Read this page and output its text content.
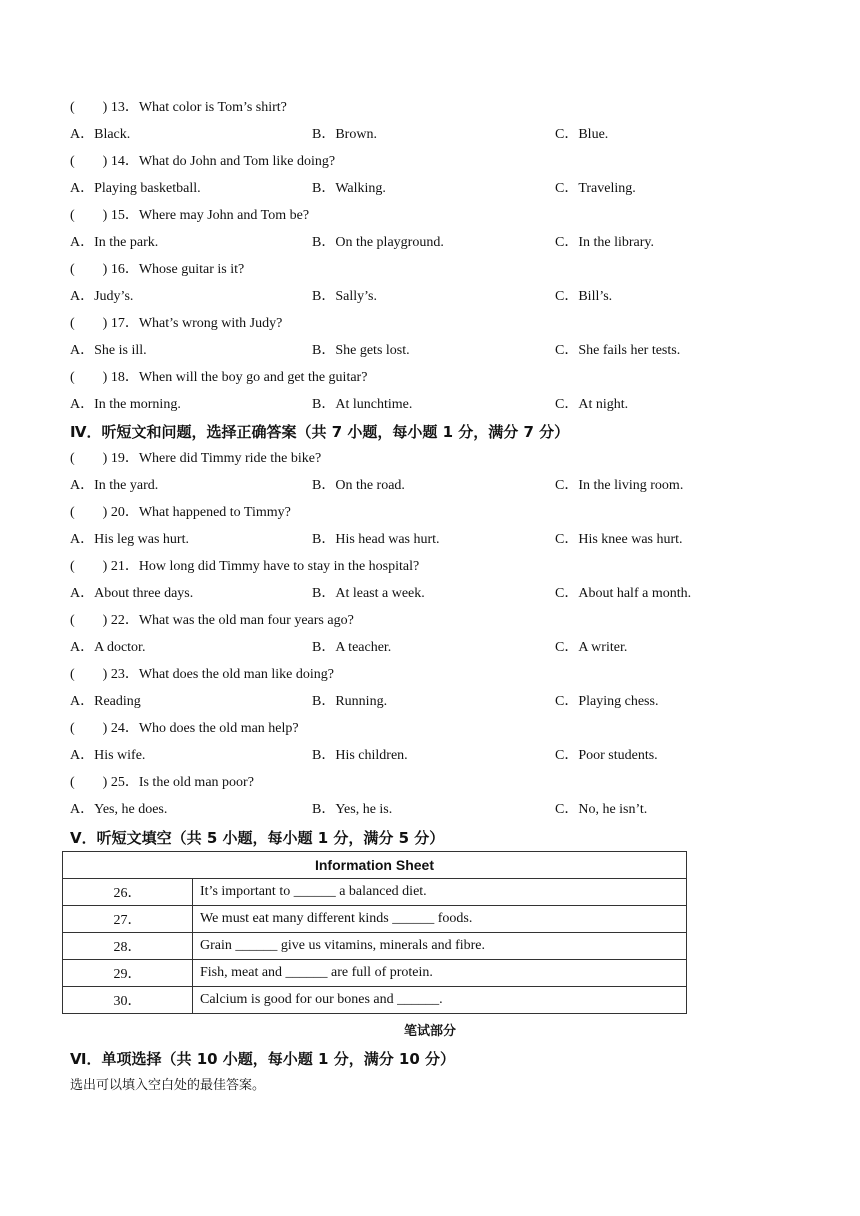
(        ) 13．What color is Tom’s shirt?
A．Black.	B．Brown.	C．Blue.
(        ) 14．What do John and Tom like doing?
A．Playing basketball.	B．Walking.	C．Traveling.
(        ) 15．Where may John and Tom be?
A．In the park.	B．On the playground.	C．In the library.
(        ) 16．Whose guitar is it?
A．Judy’s.	B．Sally’s.	C．Bill’s.
(        ) 17．What’s wrong with Judy?
A．She is ill.	B．She gets lost.	C．She fails her tests.
(        ) 18．When will the boy go and get the guitar?
A．In the morning.	B．At lunchtime.	C．At night.
Ⅳ．听短文和问题，选择正确答案（共 7 小题，每小题 1 分，满分 7 分）
(        ) 19．Where did Timmy ride the bike?
A．In the yard.	B．On the road.	C．In the living room.
(        ) 20．What happened to Timmy?
A．His leg was hurt.	B．His head was hurt.	C．His knee was hurt.
(        ) 21．How long did Timmy have to stay in the hospital?
A．About three days.	B．At least a week.	C．About half a month.
(        ) 22．What was the old man four years ago?
A．A doctor.	B．A teacher.	C．A writer.
(        ) 23．What does the old man like doing?
A．Reading	B．Running.	C．Playing chess.
(        ) 24．Who does the old man help?
A．His wife.	B．His children.	C．Poor students.
(        ) 25．Is the old man poor?
A．Yes, he does.	B．Yes, he is.	C．No, he isn’t.
Ⅴ．听短文填空（共 5 小题，每小题 1 分，满分 5 分）
Information Sheet	
26．	It’s important to ______ a balanced diet.
27．	We must eat many different kinds ______ foods.
28．	Grain ______ give us vitamins, minerals and fibre.
29．	Fish, meat and ______ are full of protein.
30．	Calcium is good for our bones and ______.
笔试部分
Ⅵ．单项选择（共 10 小题，每小题 1 分，满分 10 分）
选出可以填入空白处的最佳答案。
